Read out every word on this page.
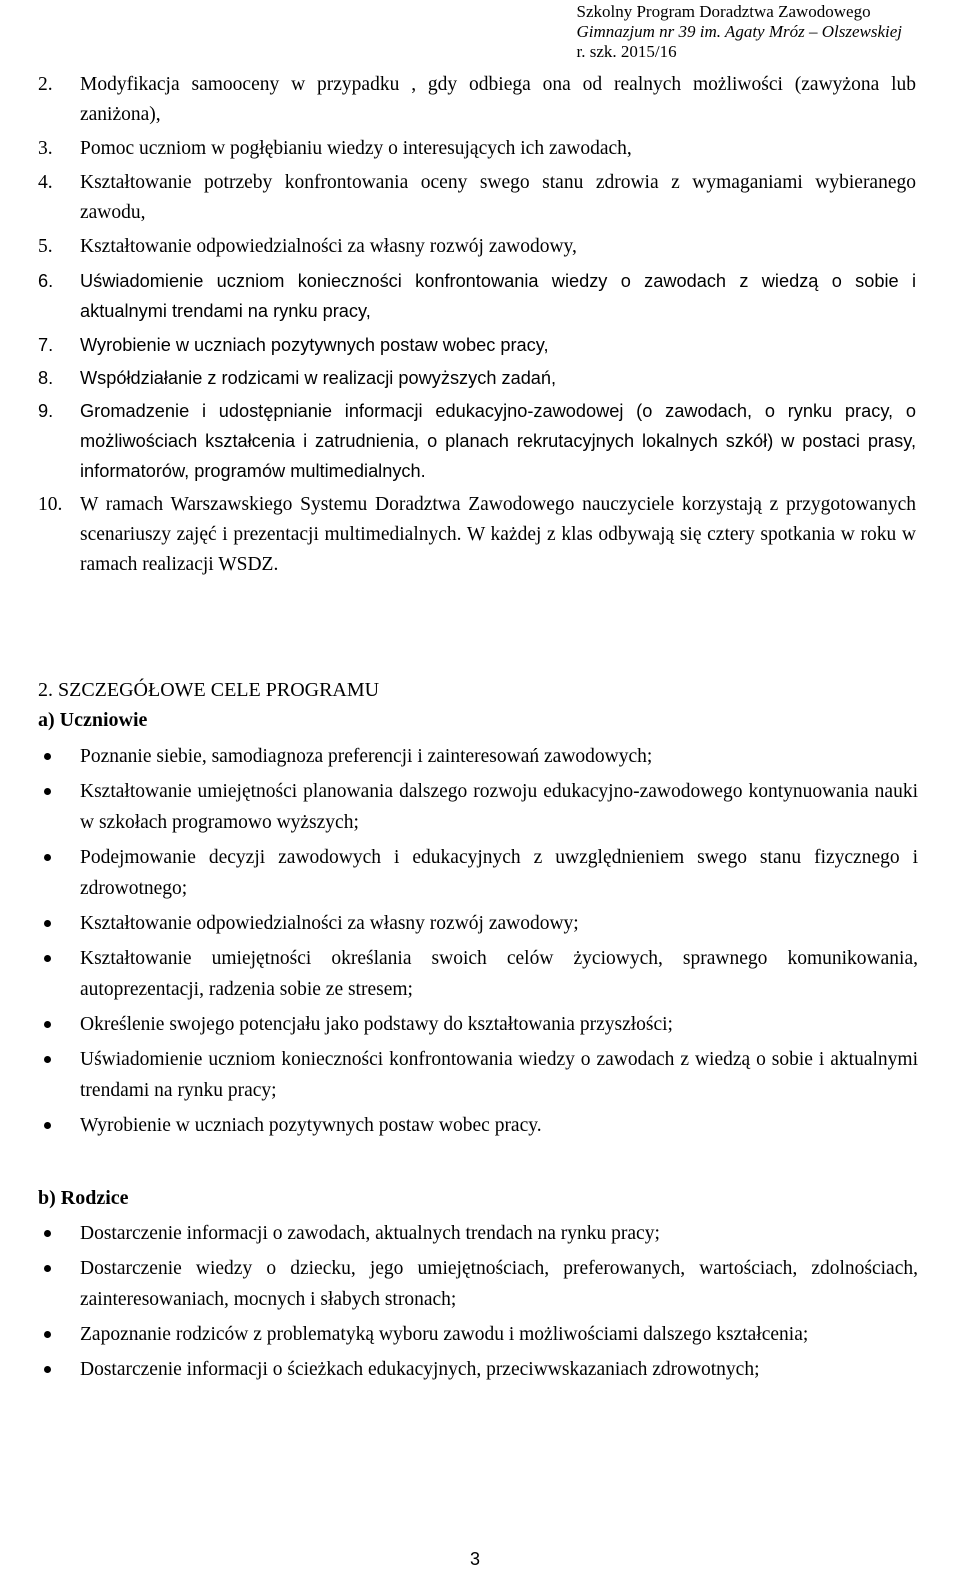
Szkolny Program Doradztwa Zawodowego
Gimnazjum nr 39 im. Agaty Mróz – Olszewskiej
r. szk. 2015/16
2. Modyfikacja samooceny w przypadku , gdy odbiega ona od realnych możliwości (zawyżona lub zaniżona),
3. Pomoc uczniom w pogłębianiu wiedzy o interesujących ich zawodach,
4. Kształtowanie potrzeby konfrontowania oceny swego stanu zdrowia z wymaganiami wybieranego zawodu,
5. Kształtowanie odpowiedzialności za własny rozwój zawodowy,
6. Uświadomienie uczniom konieczności konfrontowania wiedzy o zawodach z wiedzą o sobie i aktualnymi trendami na rynku pracy,
7. Wyrobienie w uczniach pozytywnych postaw wobec pracy,
8. Współdziałanie z rodzicami w realizacji powyższych zadań,
9. Gromadzenie i udostępnianie informacji edukacyjno-zawodowej (o zawodach, o rynku pracy, o możliwościach kształcenia i zatrudnienia, o planach rekrutacyjnych lokalnych szkół) w postaci prasy, informatorów, programów multimedialnych.
10. W ramach Warszawskiego Systemu Doradztwa Zawodowego nauczyciele korzystają z przygotowanych scenariuszy zajęć i prezentacji multimedialnych. W każdej z klas odbywają się cztery spotkania w roku w ramach realizacji WSDZ.
2. SZCZEGÓŁOWE CELE PROGRAMU
a) Uczniowie
Poznanie siebie, samodiagnoza preferencji i zainteresowań zawodowych;
Kształtowanie umiejętności planowania dalszego rozwoju edukacyjno-zawodowego kontynuowania nauki w szkołach programowo wyższych;
Podejmowanie decyzji zawodowych i edukacyjnych z uwzględnieniem swego stanu fizycznego i zdrowotnego;
Kształtowanie odpowiedzialności za własny rozwój zawodowy;
Kształtowanie umiejętności określania swoich celów życiowych, sprawnego komunikowania, autoprezentacji, radzenia sobie ze stresem;
Określenie swojego potencjału jako podstawy do kształtowania przyszłości;
Uświadomienie uczniom konieczności konfrontowania wiedzy o zawodach z wiedzą o sobie i aktualnymi trendami na rynku pracy;
Wyrobienie w uczniach pozytywnych postaw wobec pracy.
b) Rodzice
Dostarczenie informacji o zawodach, aktualnych trendach na rynku pracy;
Dostarczenie wiedzy o dziecku, jego umiejętnościach, preferowanych, wartościach, zdolnościach, zainteresowaniach, mocnych i słabych stronach;
Zapoznanie rodziców z problematyką wyboru zawodu i możliwościami dalszego kształcenia;
Dostarczenie informacji o ścieżkach edukacyjnych, przeciwwskazaniach zdrowotnych;
3
